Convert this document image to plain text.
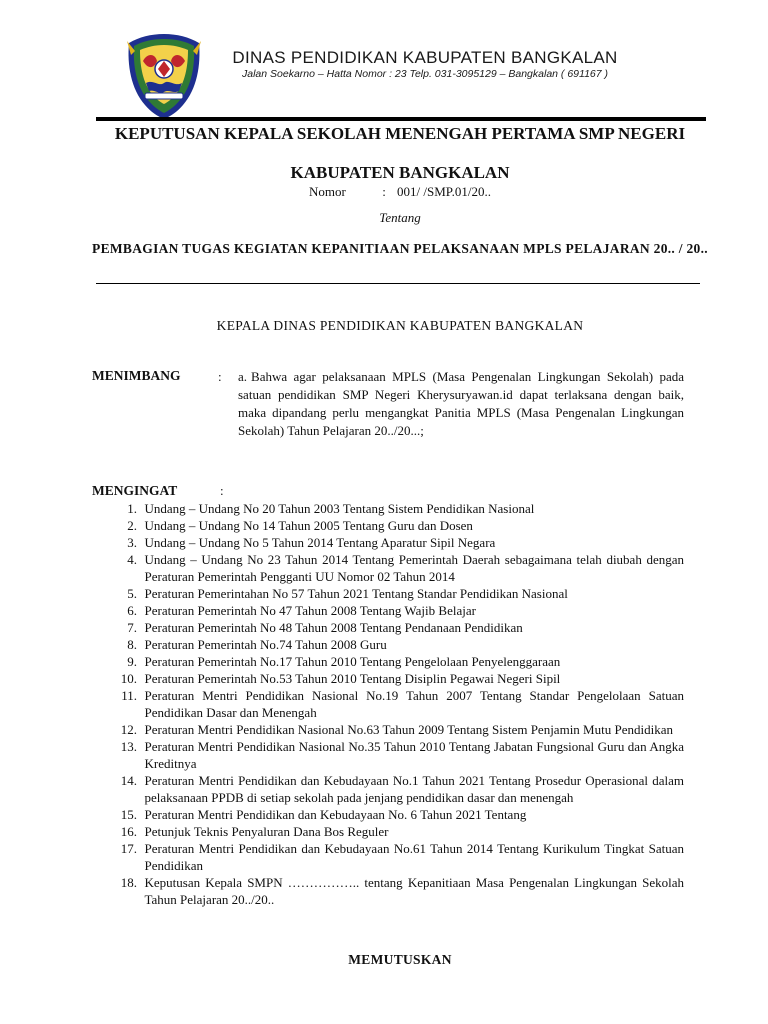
DINAS PENDIDIKAN KABUPATEN BANGKALAN
Jalan Soekarno – Hatta Nomor : 23 Telp. 031-3095129 – Bangkalan ( 691167 )
KEPUTUSAN KEPALA SEKOLAH MENENGAH PERTAMA SMP NEGERI
KABUPATEN BANGKALAN
Nomor	: 001/ /SMP.01/20..
Tentang
PEMBAGIAN TUGAS KEGIATAN KEPANITIAAN PELAKSANAAN MPLS PELAJARAN 20.. / 20..
KEPALA DINAS PENDIDIKAN KABUPATEN BANGKALAN
MENIMBANG	: a. Bahwa agar pelaksanaan MPLS (Masa Pengenalan Lingkungan Sekolah) pada satuan pendidikan SMP Negeri Kherysuryawan.id dapat terlaksana dengan baik, maka dipandang perlu mengangkat Panitia MPLS (Masa Pengenalan Lingkungan Sekolah) Tahun Pelajaran 20../20...;
MENGINGAT	:
1.
Undang – Undang No 20 Tahun 2003 Tentang Sistem Pendidikan Nasional
2.
Undang – Undang No 14 Tahun 2005 Tentang Guru dan Dosen
3.
Undang – Undang No 5 Tahun 2014 Tentang Aparatur Sipil Negara
4.
Undang – Undang No 23 Tahun 2014 Tentang Pemerintah Daerah sebagaimana telah diubah dengan Peraturan Pemerintah Pengganti UU Nomor 02 Tahun 2014
5.
Peraturan Pemerintahan No 57 Tahun 2021 Tentang Standar Pendidikan Nasional
6.
Peraturan Pemerintah No 47 Tahun 2008 Tentang Wajib Belajar
7.
Peraturan Pemerintah No 48 Tahun 2008 Tentang Pendanaan Pendidikan
8.
Peraturan Pemerintah No.74 Tahun 2008 Guru
9.
Peraturan Pemerintah No.17 Tahun 2010 Tentang Pengelolaan Penyelenggaraan
10.
Peraturan Pemerintah No.53 Tahun 2010 Tentang Disiplin Pegawai Negeri Sipil
11.
Peraturan Mentri Pendidikan Nasional No.19 Tahun 2007 Tentang Standar Pengelolaan Satuan Pendidikan Dasar dan Menengah
12.
Peraturan Mentri Pendidikan Nasional No.63 Tahun 2009 Tentang Sistem Penjamin Mutu Pendidikan
13.
Peraturan Mentri Pendidikan Nasional No.35 Tahun 2010 Tentang Jabatan Fungsional Guru dan Angka Kreditnya
14.
Peraturan Mentri Pendidikan dan Kebudayaan No.1 Tahun 2021 Tentang Prosedur Operasional dalam pelaksanaan PPDB di setiap sekolah pada jenjang pendidikan dasar dan menengah
15.
Peraturan Mentri Pendidikan dan Kebudayaan No. 6 Tahun 2021 Tentang
16.
Petunjuk Teknis Penyaluran Dana Bos Reguler
17.
Peraturan Mentri Pendidikan dan Kebudayaan No.61 Tahun 2014 Tentang Kurikulum Tingkat Satuan Pendidikan
18.
Keputusan Kepala SMPN …………….. tentang Kepanitiaan Masa Pengenalan Lingkungan Sekolah Tahun Pelajaran 20../20..
MEMUTUSKAN
